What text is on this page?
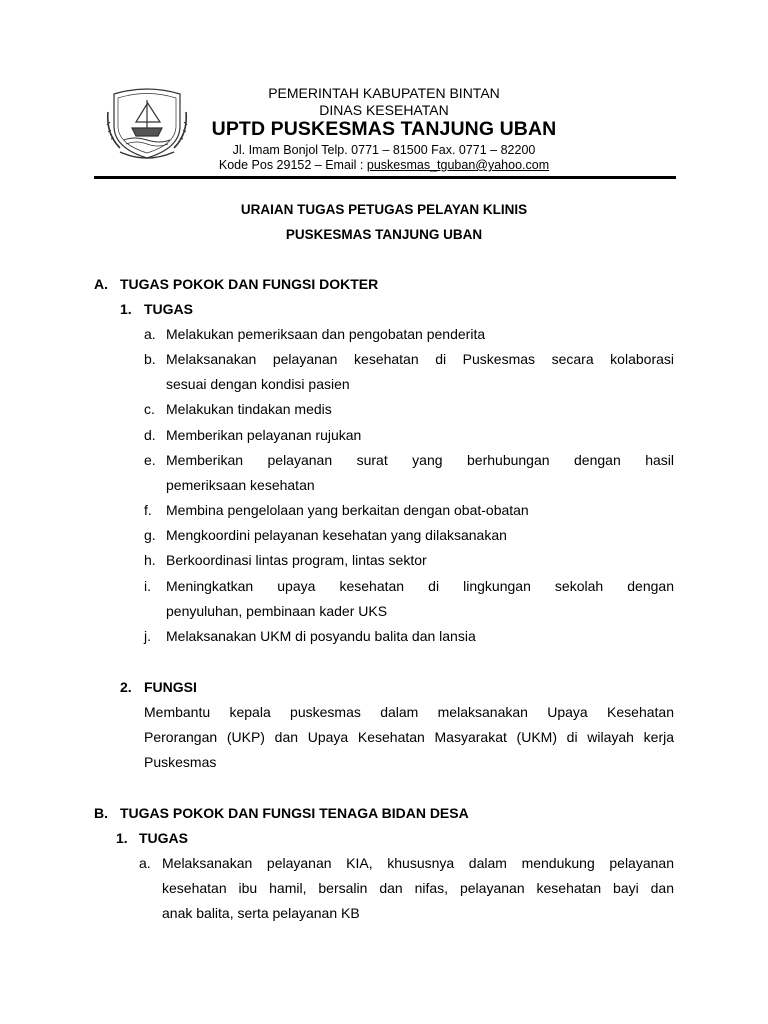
PEMERINTAH KABUPATEN BINTAN
DINAS KESEHATAN
UPTD PUSKESMAS TANJUNG UBAN
Jl. Imam Bonjol Telp. 0771 – 81500 Fax. 0771 – 82200
Kode Pos 29152 – Email : puskesmas_tguban@yahoo.com
URAIAN TUGAS PETUGAS PELAYAN KLINIS
PUSKESMAS TANJUNG UBAN
A. TUGAS POKOK DAN FUNGSI DOKTER
1. TUGAS
a. Melakukan pemeriksaan dan pengobatan penderita
b. Melaksanakan pelayanan kesehatan di Puskesmas secara kolaborasi
sesuai dengan kondisi pasien
c. Melakukan tindakan medis
d. Memberikan pelayanan rujukan
e. Memberikan pelayanan surat yang berhubungan dengan hasil
pemeriksaan kesehatan
f. Membina pengelolaan yang berkaitan dengan obat-obatan
g. Mengkoordini pelayanan kesehatan yang dilaksanakan
h. Berkoordinasi lintas program, lintas sektor
i. Meningkatkan upaya kesehatan di lingkungan sekolah dengan
penyuluhan, pembinaan kader UKS
j. Melaksanakan UKM di posyandu balita dan lansia
2. FUNGSI
Membantu kepala puskesmas dalam melaksanakan Upaya Kesehatan
Perorangan (UKP) dan Upaya Kesehatan Masyarakat (UKM) di wilayah kerja
Puskesmas
B. TUGAS POKOK DAN FUNGSI TENAGA BIDAN DESA
1. TUGAS
a. Melaksanakan pelayanan KIA, khususnya dalam mendukung pelayanan
kesehatan ibu hamil, bersalin dan nifas, pelayanan kesehatan bayi dan
anak balita, serta pelayanan KB
